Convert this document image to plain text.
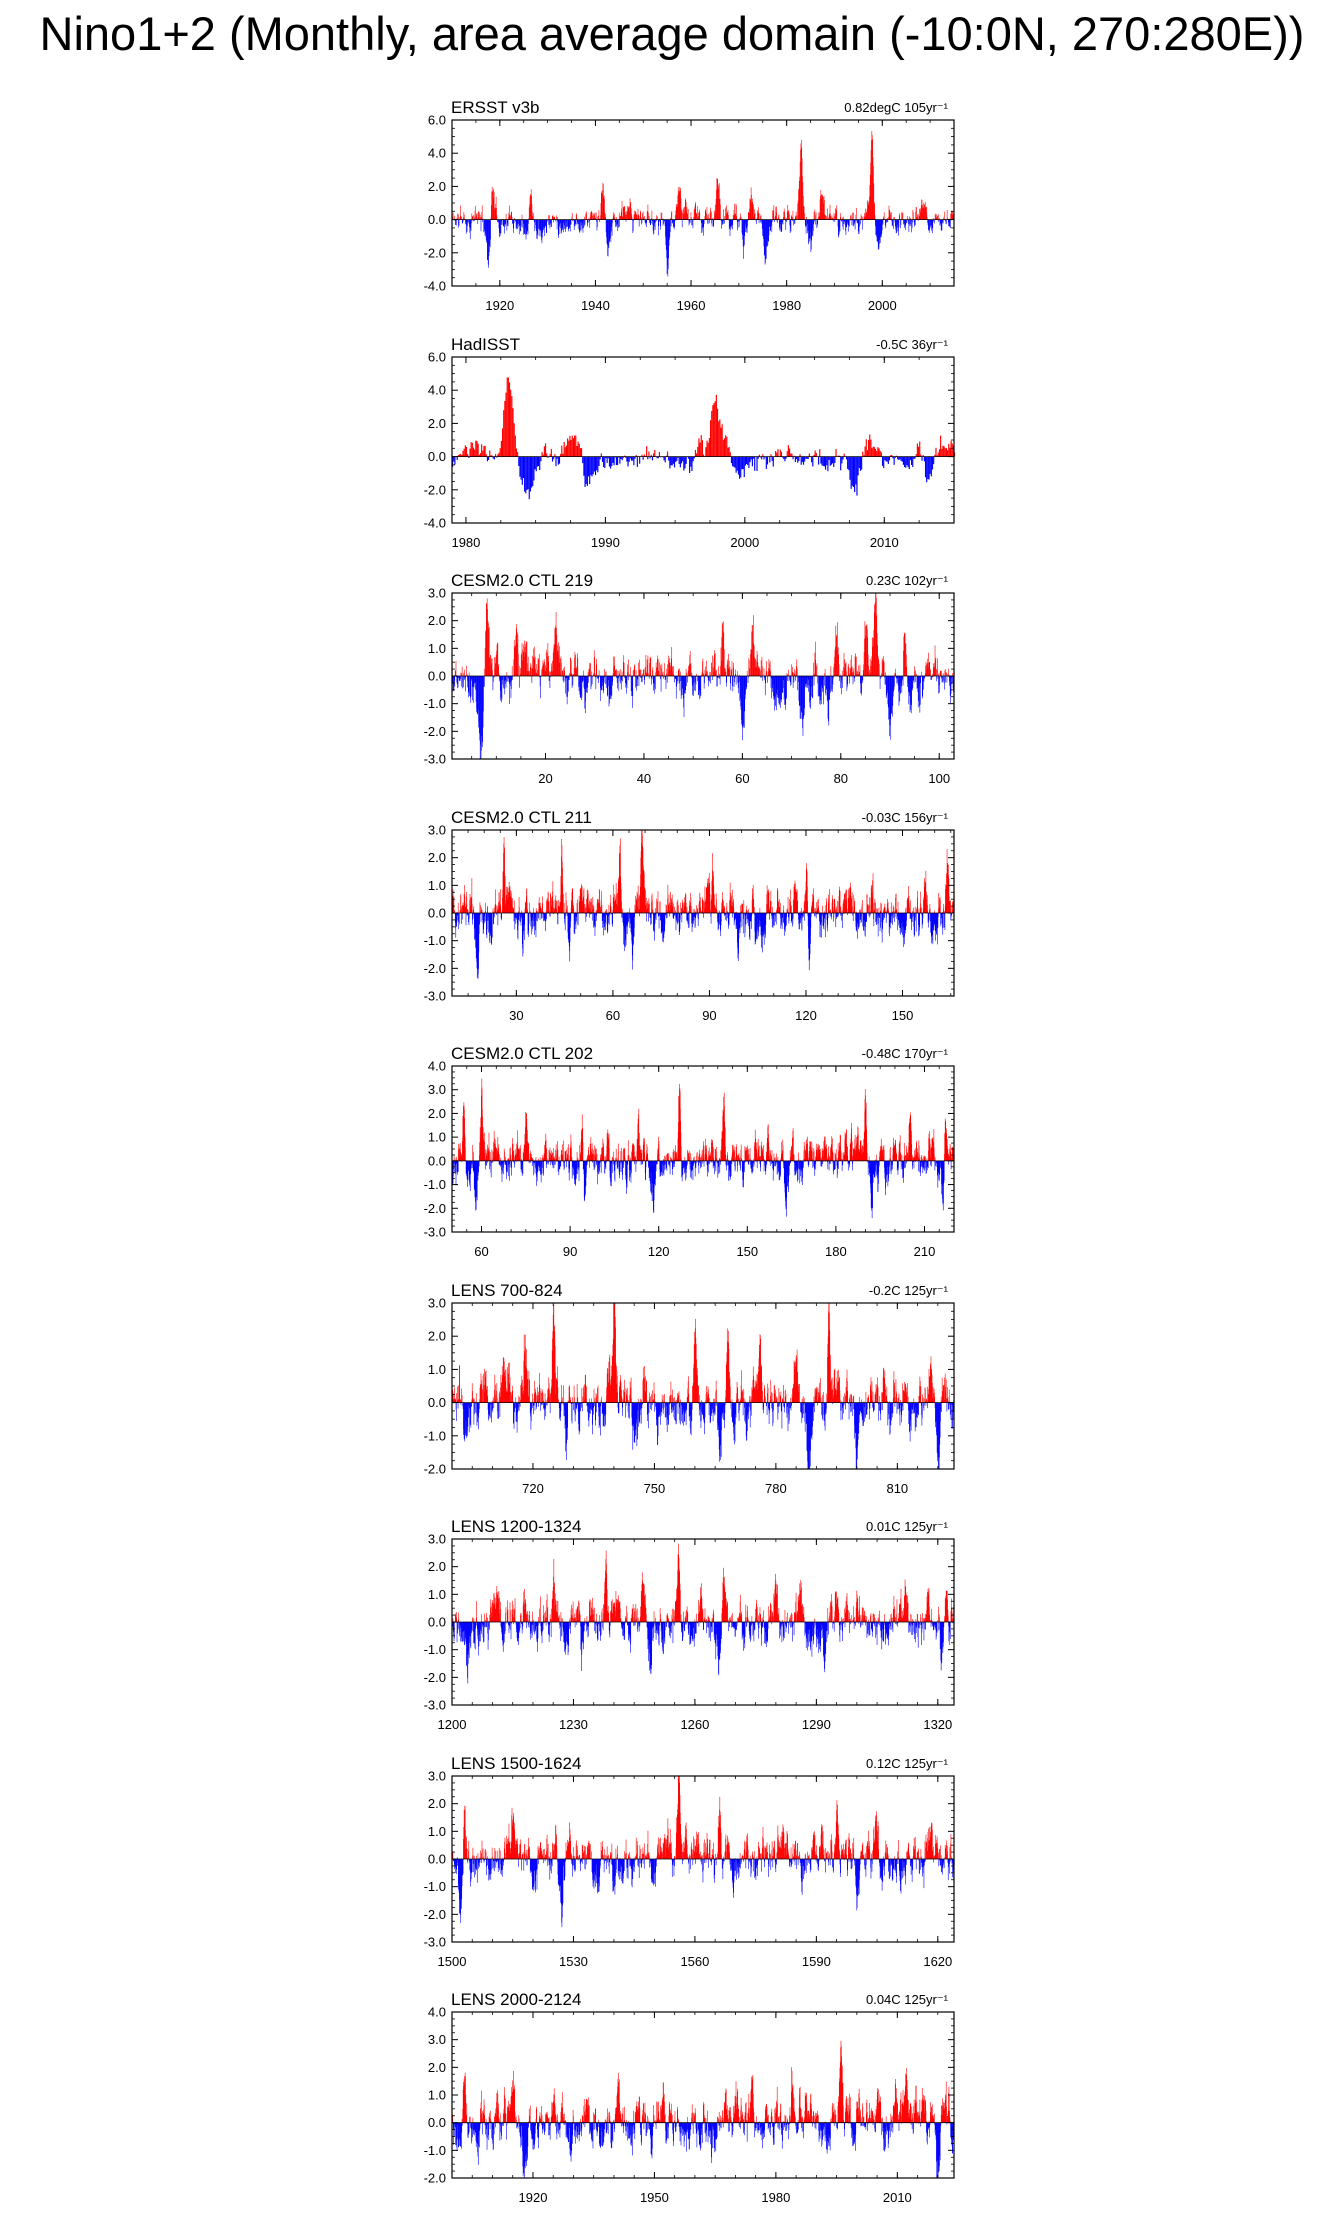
Nino1+2 (Monthly, area average domain (-10:0N, 270:280E))
ERSST v3b	0.82degC 105yr⁻¹
-4.0
-2.0
0.0
2.0
4.0
6.0
1920	1940	1960	1980	2000
HadISST	-0.5C 36yr⁻¹
-4.0
-2.0
0.0
2.0
4.0
6.0
1980	1990	2000	2010
CESM2.0 CTL 219	0.23C 102yr⁻¹
-3.0
-2.0
-1.0
0.0
1.0
2.0
3.0
20	40	60	80	100
CESM2.0 CTL 211	-0.03C 156yr⁻¹
-3.0
-2.0
-1.0
0.0
1.0
2.0
3.0
30	60	90	120	150
CESM2.0 CTL 202	-0.48C 170yr⁻¹
-3.0
-2.0
-1.0
0.0
1.0
2.0
3.0
4.0
60	90	120	150	180	210
LENS 700-824	-0.2C 125yr⁻¹
-2.0
-1.0
0.0
1.0
2.0
3.0
720	750	780	810
LENS 1200-1324	0.01C 125yr⁻¹
-3.0
-2.0
-1.0
0.0
1.0
2.0
3.0
1200	1230	1260	1290	1320
LENS 1500-1624	0.12C 125yr⁻¹
-3.0
-2.0
-1.0
0.0
1.0
2.0
3.0
1500	1530	1560	1590	1620
LENS 2000-2124	0.04C 125yr⁻¹
-2.0
-1.0
0.0
1.0
2.0
3.0
4.0
1920	1950	1980	2010
